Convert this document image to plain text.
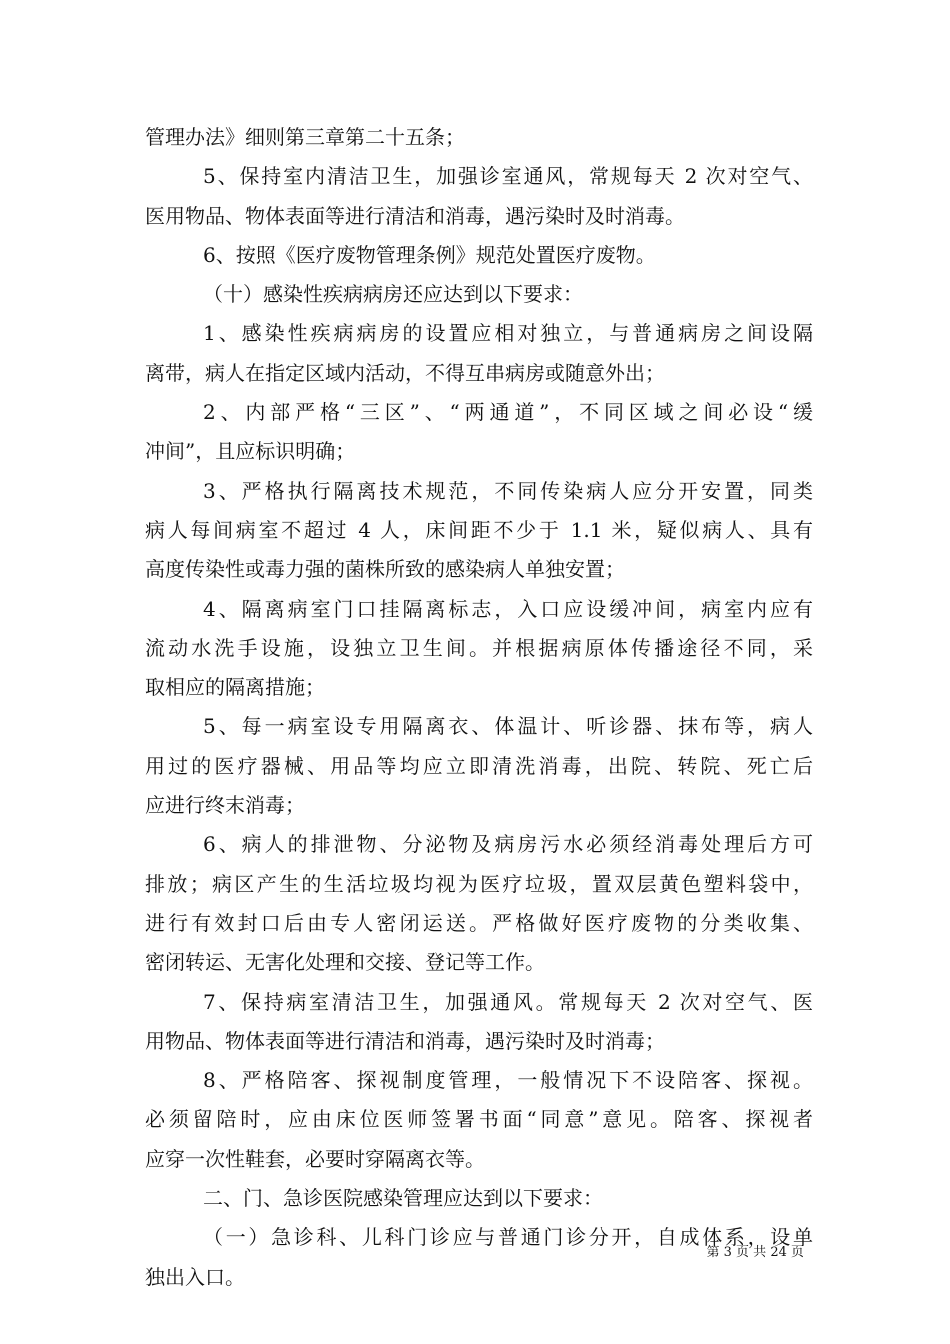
管理办法》细则第三章第二十五条；
5、保持室内清洁卫生，加强诊室通风，常规每天 2 次对空气、
医用物品、物体表面等进行清洁和消毒，遇污染时及时消毒。
6、按照《医疗废物管理条例》规范处置医疗废物。
（十）感染性疾病病房还应达到以下要求：
1、感染性疾病病房的设置应相对独立，与普通病房之间设隔
离带，病人在指定区域内活动，不得互串病房或随意外出；
2、内部严格“三区”、“两通道”，不同区域之间必设“缓
冲间”，且应标识明确；
3、严格执行隔离技术规范，不同传染病人应分开安置，同类
病人每间病室不超过 4 人，床间距不少于 1.1 米，疑似病人、具有
高度传染性或毒力强的菌株所致的感染病人单独安置；
4、隔离病室门口挂隔离标志，入口应设缓冲间，病室内应有
流动水洗手设施，设独立卫生间。并根据病原体传播途径不同，采
取相应的隔离措施；
5、每一病室设专用隔离衣、体温计、听诊器、抹布等，病人
用过的医疗器械、用品等均应立即清洗消毒，出院、转院、死亡后
应进行终末消毒；
6、病人的排泄物、分泌物及病房污水必须经消毒处理后方可
排放；病区产生的生活垃圾均视为医疗垃圾，置双层黄色塑料袋中，
进行有效封口后由专人密闭运送。严格做好医疗废物的分类收集、
密闭转运、无害化处理和交接、登记等工作。
7、保持病室清洁卫生，加强通风。常规每天 2 次对空气、医
用物品、物体表面等进行清洁和消毒，遇污染时及时消毒；
8、严格陪客、探视制度管理，一般情况下不设陪客、探视。
必须留陪时，应由床位医师签署书面“同意”意见。陪客、探视者
应穿一次性鞋套，必要时穿隔离衣等。
二、门、急诊医院感染管理应达到以下要求：
（一）急诊科、儿科门诊应与普通门诊分开，自成体系，设单
独出入口。
第 3 页 共 24 页
